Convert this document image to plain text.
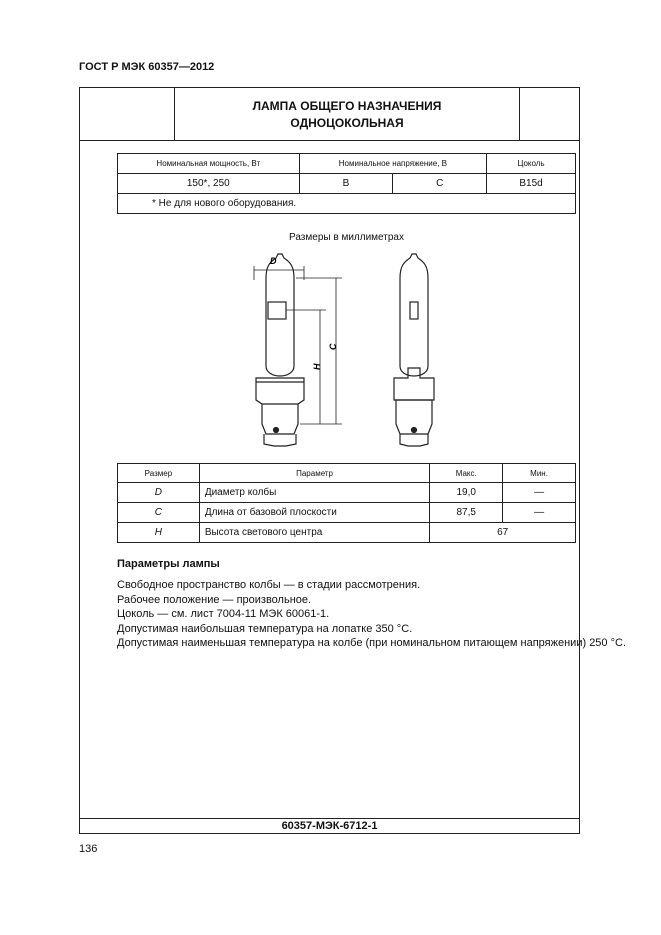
ГОСТ Р МЭК 60357—2012
ЛАМПА ОБЩЕГО НАЗНАЧЕНИЯ
ОДНОЦОКОЛЬНАЯ
Номинальная мощность, Вт	Номинальное напряжение, В		Цоколь
150*, 250	B	C	B15d
* Не для нового оборудования.			
Размеры в миллиметрах
D
H
C
Размер	Параметр	Макс.	Мин.
D	Диаметр колбы	19,0	—
C	Длина от базовой плоскости	87,5	—
H	Высота светового центра	67	
Параметры лампы
Свободное пространство колбы — в стадии рассмотрения.
Рабочее положение — произвольное.
Цоколь — см. лист 7004-11 МЭК 60061-1.
Допустимая наибольшая температура на лопатке 350 °С.
Допустимая наименьшая температура на колбе (при номинальном питающем напряжении) 250 °С.
60357-МЭК-6712-1
136
